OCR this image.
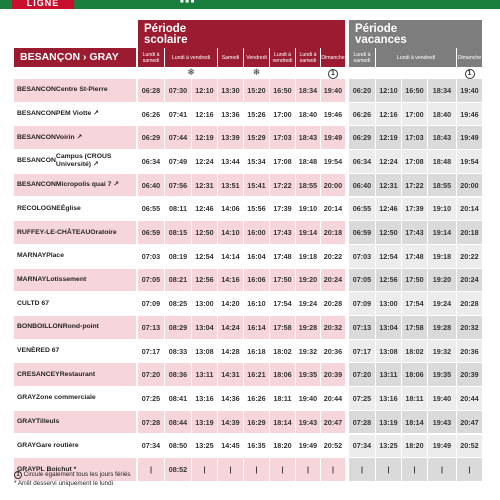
LIGNE	■ ■ ■
Période
scolaire
Période
vacances
BESANÇON › GRAY	Lundi à samedi	Lundi à vendredi	Samedi	Vendredi	Lundi à vendredi
Lundi à samedi Dimanche	Lundi à samedi	Lundi à vendredi	Dimanche
❄	❄	1	1
BESANCON Centre St-Pierre	06:28	07:30	12:10	13:30	15:20	16:50 18:34 19:40	06:20	12:10	16:50	18:34	19:40
BESANCON PEM Viotte ↗	06:26	07:41	12:16	13:36	15:26	17:00 18:40 19:46	06:26	12:16	17:00	18:40	19:46
BESANCON Voirin ↗	06:29	07:44	12:19	13:39	15:29	17:03 18:43 19:49	06:29	12:19	17:03	18:43	19:49
BESANCON
Campus (CROUS Université) ↗	06:34	07:49	12:24	13:44	15:34	17:08 18:48 19:54	06:34	12:24	17:08	18:48	19:54
BESANCON Micropolis quai 7 ↗	06:40	07:56	12:31	13:51	15:41	17:22 18:55 20:00	06:40	12:31	17:22	18:55	20:00
RECOLOGNE Église	06:55	08:11	12:46	14:06	15:56	17:39 19:10 20:14	06:55	12:46	17:39	19:10	20:14
RUFFEY-LE-CHÂTEAU Oratoire	06:59	08:15	12:50	14:10	16:00	17:43 19:14 20:18	06:59	12:50	17:43	19:14	20:18
MARNAY Place	07:03	08:19	12:54	14:14	16:04	17:48 19:18 20:22	07:03	12:54	17:48	19:18	20:22
MARNAY Lotissement	07:05	08:21	12:56	14:16	16:06	17:50 19:20 20:24	07:05	12:56	17:50	19:20	20:24
CULT D 67	07:09	08:25	13:00	14:20	16:10	17:54 19:24 20:28	07:09	13:00	17:54	19:24	20:28
BONBOILLON Rond-point	07:13	08:29	13:04	14:24	16:14	17:58 19:28 20:32	07:13	13:04	17:58	19:28	20:32
VENÈRE D 67	07:17	08:33	13:08	14:28	16:18	18:02 19:32 20:36	07:17	13:08	18:02	19:32	20:36
CRESANCEY Restaurant	07:20	08:36	13:11	14:31	16:21	18:06 19:35 20:39	07:20	13:11	18:06	19:35	20:39
GRAY Zone commerciale	07:25	08:41	13:16	14:36	16:26	18:11	19:40 20:44	07:25	13:16	18:11	19:40	20:44
GRAY Tilleuls	07:28	08:44	13:19	14:39	16:29	18:14 19:43 20:47	07:28	13:19	18:14	19:43	20:47
GRAY Gare routière	07:34	08:50	13:25	14:45	16:35	18:20 19:49 20:52	07:34	13:25	18:20	19:49	20:52
GRAY PL Boichut *	|	08:52	|	|	|	|	|	|	|	|	|	|	|
1 Circule également tous les jours fériés
* Arrêt desservi uniquement le lundi
